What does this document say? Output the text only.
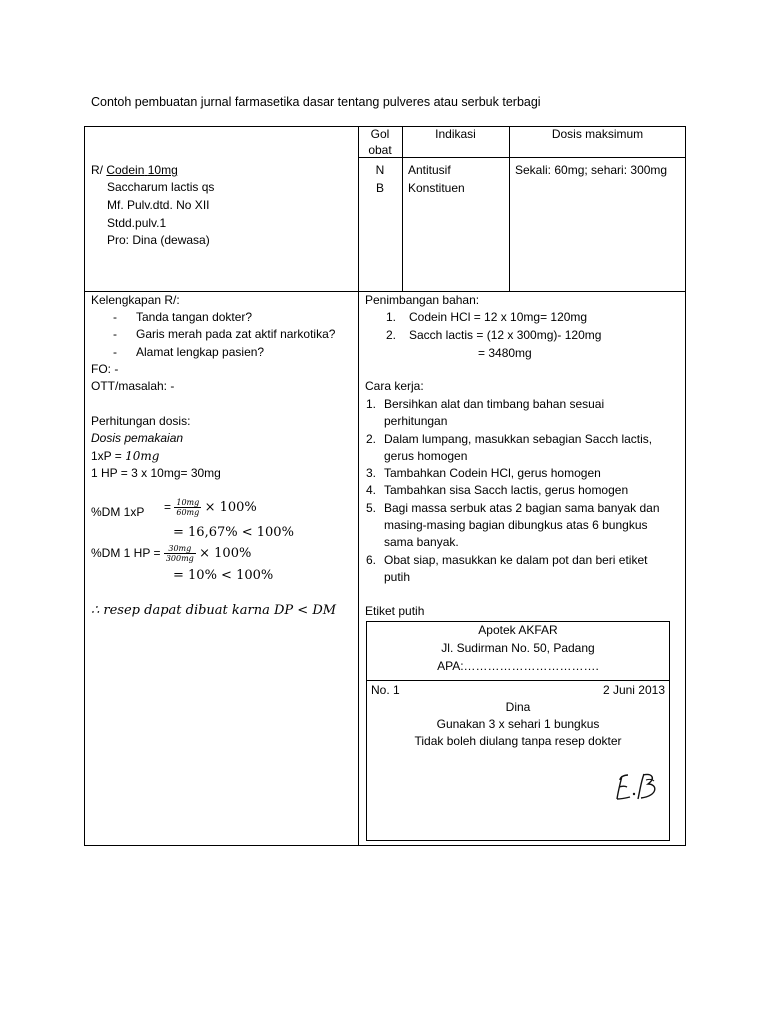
Contoh pembuatan jurnal farmasetika dasar tentang pulveres atau serbuk terbagi
Gol
obat
Indikasi	Dosis maksimum
R/ Codein 10mg
Saccharum lactis qs
Mf. Pulv.dtd. No XII
Stdd.pulv.1
Pro: Dina (dewasa)
N
B
Antitusif
Konstituen
Sekali: 60mg; sehari: 300mg
Kelengkapan R/:
- Tanda tangan dokter?
- Garis merah pada zat aktif narkotika?
- Alamat lengkap pasien?
FO: -
OTT/masalah: -
Perhitungan dosis:
Dosis pemakaian
1xP = 10mg
1 HP = 3 x 10mg= 30mg
%DM $1xP = \frac{10mg}{60mg} \times 100\%$
= 16,67% < 100%
%DM 1 HP = $\frac{30mg}{300mg} \times 100\%$
= 10% < 100%
∴ resep dapat dibuat karna DP < DM
Penimbangan bahan:
1. Codein HCl = 12 x 10mg= 120mg
2. Sacch lactis = (12 x 300mg)- 120mg
= 3480mg
Cara kerja:
1. Bersihkan alat dan timbang bahan sesuai
perhitungan
2. Dalam lumpang, masukkan sebagian Sacch lactis,
gerus homogen
3. Tambahkan Codein HCl, gerus homogen
4. Tambahkan sisa Sacch lactis, gerus homogen
5. Bagi massa serbuk atas 2 bagian sama banyak dan
masing-masing bagian dibungkus atas 6 bungkus
sama banyak.
6. Obat siap, masukkan ke dalam pot dan beri etiket
putih
Etiket putih
Apotek AKFAR
Jl. Sudirman No. 50, Padang
APA:…………………………….
No. 1	2 Juni 2013
Dina
Gunakan 3 x sehari 1 bungkus
Tidak boleh diulang tanpa resep dokter
